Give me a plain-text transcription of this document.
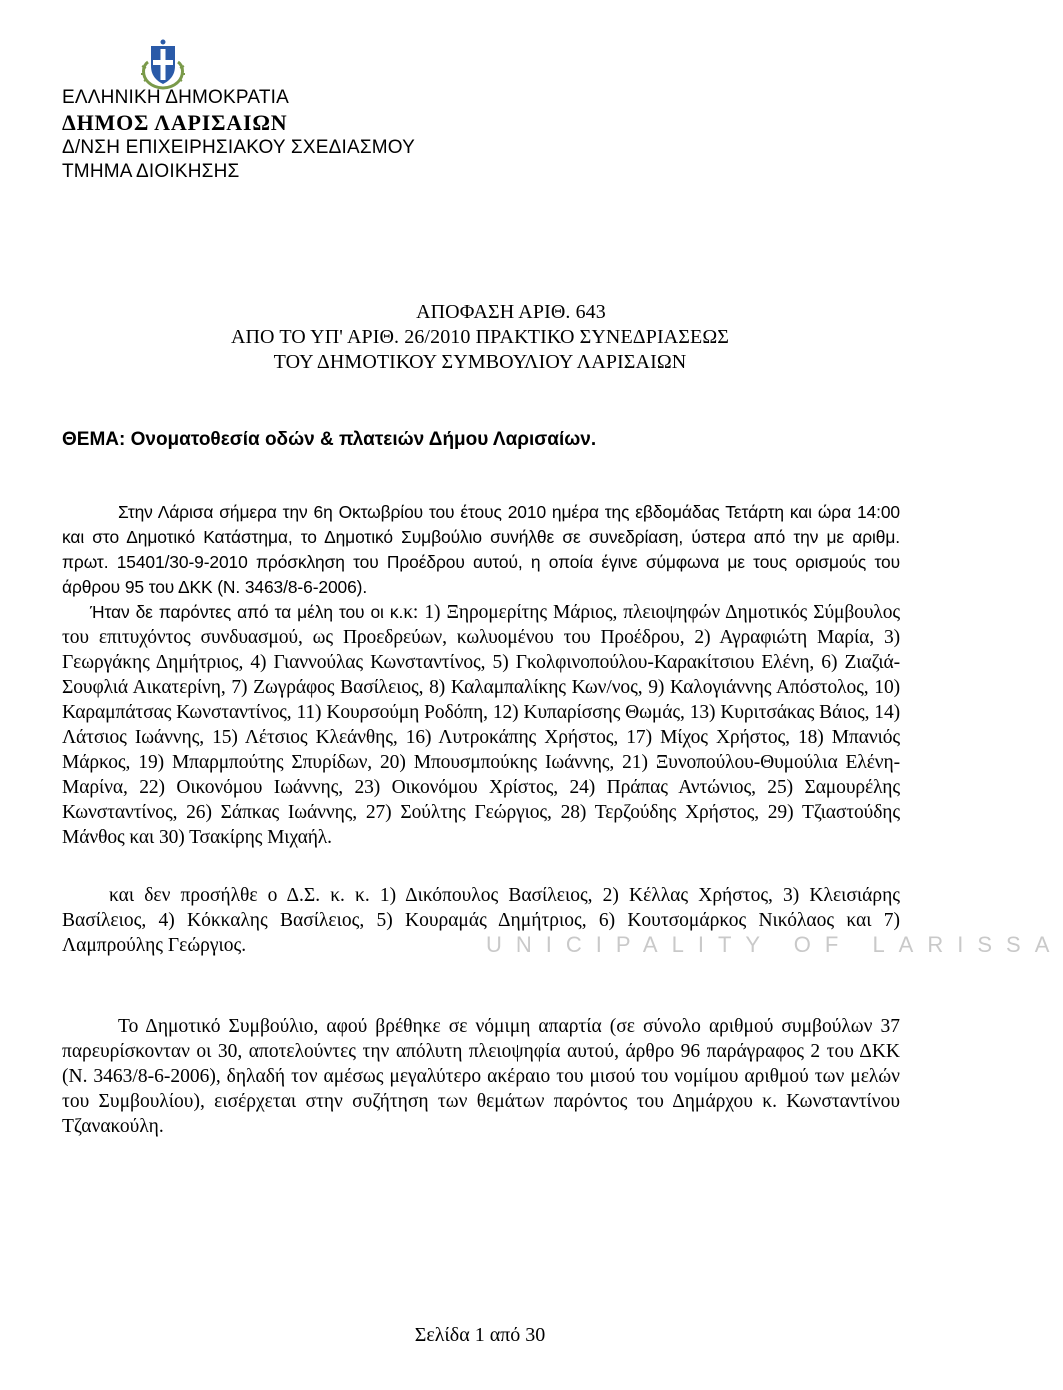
ΕΛΛΗΝΙΚΗ ΔΗΜΟΚΡΑΤΙΑ
ΔΗΜΟΣ ΛΑΡΙΣΑΙΩΝ
Δ/ΝΣΗ ΕΠΙΧΕΙΡΗΣΙΑΚΟΥ ΣΧΕΔΙΑΣΜΟΥ
ΤΜΗΜΑ ΔΙΟΙΚΗΣΗΣ
ΑΠΟΦΑΣΗ ΑΡΙΘ. 643
ΑΠΟ ΤΟ ΥΠ' ΑΡΙΘ. 26/2010 ΠΡΑΚΤΙΚΟ ΣΥΝΕΔΡΙΑΣΕΩΣ
ΤΟΥ ΔΗΜΟΤΙΚΟΥ ΣΥΜΒΟΥΛΙΟΥ ΛΑΡΙΣΑΙΩΝ
ΘΕΜΑ: Ονοματοθεσία οδών & πλατειών Δήμου Λαρισαίων.

Στην Λάρισα σήμερα την 6η Οκτωβρίου του έτους 2010 ημέρα της εβδομάδας Τετάρτη και ώρα 14:00 και στο Δημοτικό Κατάστημα, το Δημοτικό Συμβούλιο συνήλθε σε συνεδρίαση, ύστερα από την με αριθμ. πρωτ. 15401/30-9-2010 πρόσκληση του Προέδρου αυτού, η οποία έγινε σύμφωνα με τους ορισμούς του άρθρου 95 του ΔΚΚ (Ν. 3463/8-6-2006).

Ήταν δε παρόντες από τα μέλη του οι κ.κ: 1) Ξηρομερίτης Μάριος, πλειοψηφών Δημοτικός Σύμβουλος του επιτυχόντος συνδυασμού, ως Προεδρεύων, κωλυομένου του Προέδρου, 2) Αγραφιώτη Μαρία, 3) Γεωργάκης Δημήτριος, 4) Γιαννούλας Κωνσταντίνος, 5) Γκολφινοπούλου-Καρακίτσιου Ελένη, 6) Ζιαζιά-Σουφλιά Αικατερίνη, 7) Ζωγράφος Βασίλειος, 8) Καλαμπαλίκης Κων/νος, 9) Καλογιάννης Απόστολος, 10) Καραμπάτσας Κωνσταντίνος, 11) Κουρσούμη Ροδόπη, 12) Κυπαρίσσης Θωμάς, 13) Κυριτσάκας Βάιος, 14) Λάτσιος Ιωάννης, 15) Λέτσιος Κλεάνθης, 16) Λυτροκάπης Χρήστος, 17) Μίχος Χρήστος, 18) Μπανιός Μάρκος, 19) Μπαρμπούτης Σπυρίδων, 20) Μπουσμπούκης Ιωάννης, 21) Ξυνοπούλου-Θυμούλια Ελένη-Μαρίνα, 22) Οικονόμου Ιωάννης, 23) Οικονόμου Χρίστος, 24) Πράπας Αντώνιος, 25) Σαμουρέλης Κωνσταντίνος, 26) Σάπκας Ιωάννης, 27) Σούλτης Γεώργιος, 28) Τερζούδης Χρήστος, 29) Τζιαστούδης Μάνθος και 30) Τσακίρης Μιχαήλ.

και δεν προσήλθε ο Δ.Σ. κ. κ. 1) Δικόπουλος Βασίλειος, 2) Κέλλας Χρήστος, 3) Κλεισιάρης Βασίλειος, 4) Κόκκαλης Βασίλειος, 5) Κουραμάς Δημήτριος, 6) Κουτσομάρκος Νικόλαος και 7) Λαμπρούλης Γεώργιος.	UNICIPALITY OF LARISSA

Το Δημοτικό Συμβούλιο, αφού βρέθηκε σε νόμιμη απαρτία (σε σύνολο αριθμού συμβούλων 37 παρευρίσκονταν οι 30, αποτελούντες την απόλυτη πλειοψηφία αυτού, άρθρο 96 παράγραφος 2 του ΔΚΚ (Ν. 3463/8-6-2006), δηλαδή τον αμέσως μεγαλύτερο ακέραιο του μισού του νομίμου αριθμού των μελών του Συμβουλίου), εισέρχεται στην συζήτηση των θεμάτων παρόντος του Δημάρχου κ. Κωνσταντίνου Τζανακούλη.

Σελίδα 1 από 30
